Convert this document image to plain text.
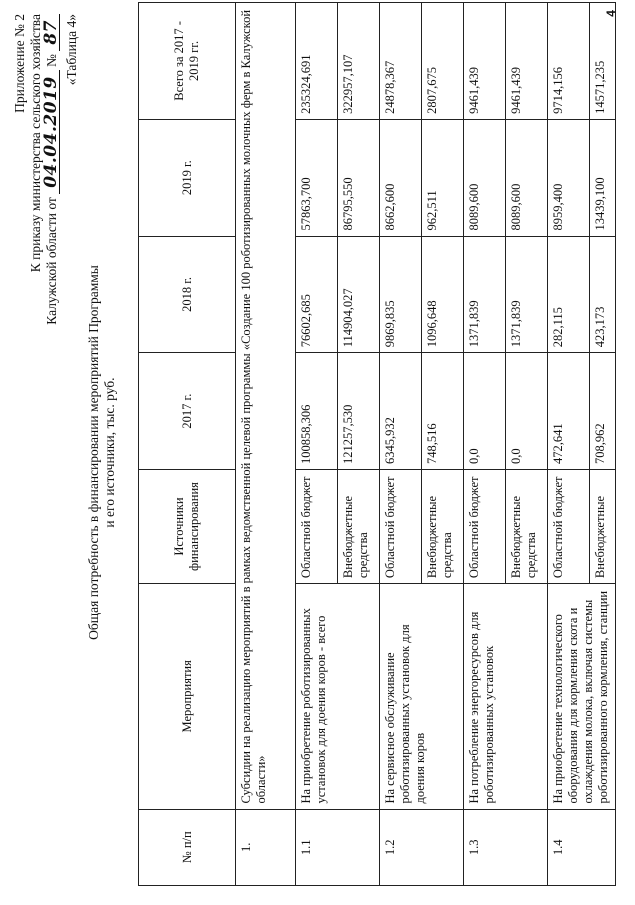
Приложение № 2 К приказу министерства сельского хозяйства Калужской области от 04.04.2019 № 87 «Таблица 4»
Общая потребность в финансировании мероприятий Программы и его источники, тыс. руб.
№ п/п	Мероприятия	Источники финансирования	2017 г.	2018 г.	2019 г.	Всего за 2017 - 2019 гг.
1.	Субсидии на реализацию мероприятий в рамках ведомственной целевой программы «Создание 100 роботизированных молочных ферм в Калужской области»					
1.1	На приобретение роботизированных установок для доения коров - всего	Областной бюджет	100858,306	76602,685	57863,700	235324,691
		Внебюджетные средства	121257,530	114904,027	86795,550	322957,107
1.2	На сервисное обслуживание роботизированных установок для доения коров	Областной бюджет	6345,932	9869,835	8662,600	24878,367
		Внебюджетные средства	748,516	1096,648	962,511	2807,675
1.3	На потребление энергоресурсов для роботизированных установок	Областной бюджет	0,0	1371,839	8089,600	9461,439
		Внебюджетные средства	0,0	1371,839	8089,600	9461,439
1.4	На приобретение технологического оборудования для кормления скота и охлаждения молока, включая системы роботизированного кормления, станции	Областной бюджет	472,641	282,115	8959,400	9714,156
		Внебюджетные	708,962	423,173	13439,100	14571,235
4
